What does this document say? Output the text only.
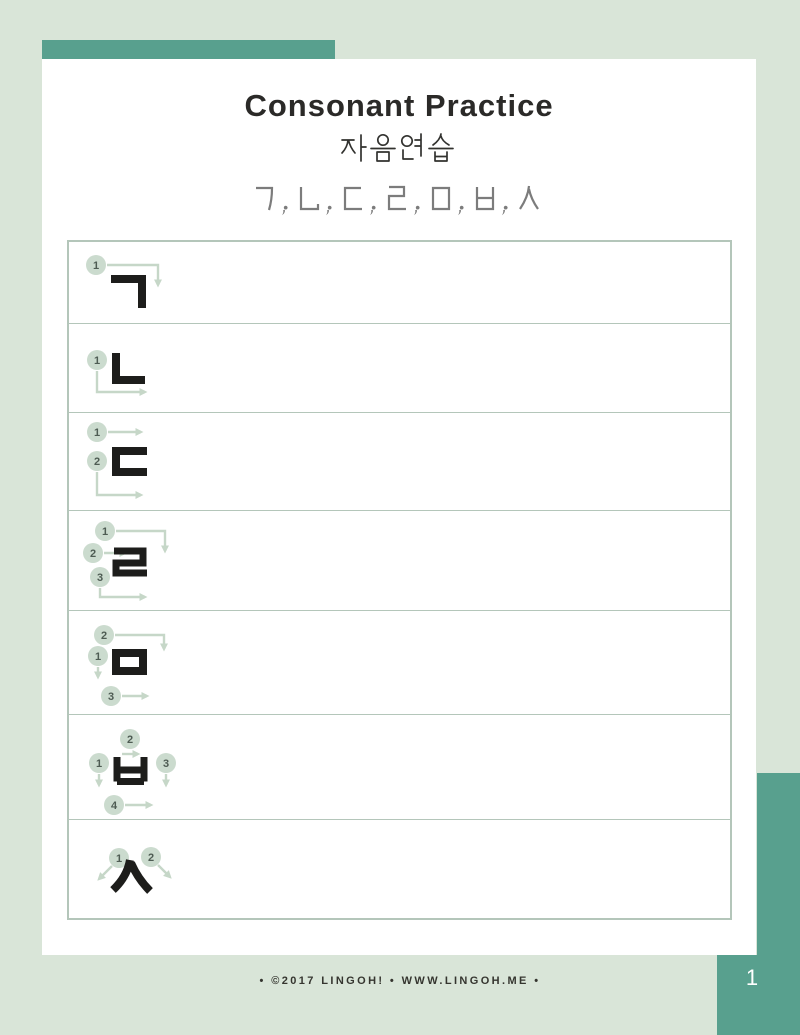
1
Consonant Practice
1
1
1
2
1
2
3
2
1
3
1
2
3
4
1 2
• ©2017 LINGOH! • WWW.LINGOH.ME •
